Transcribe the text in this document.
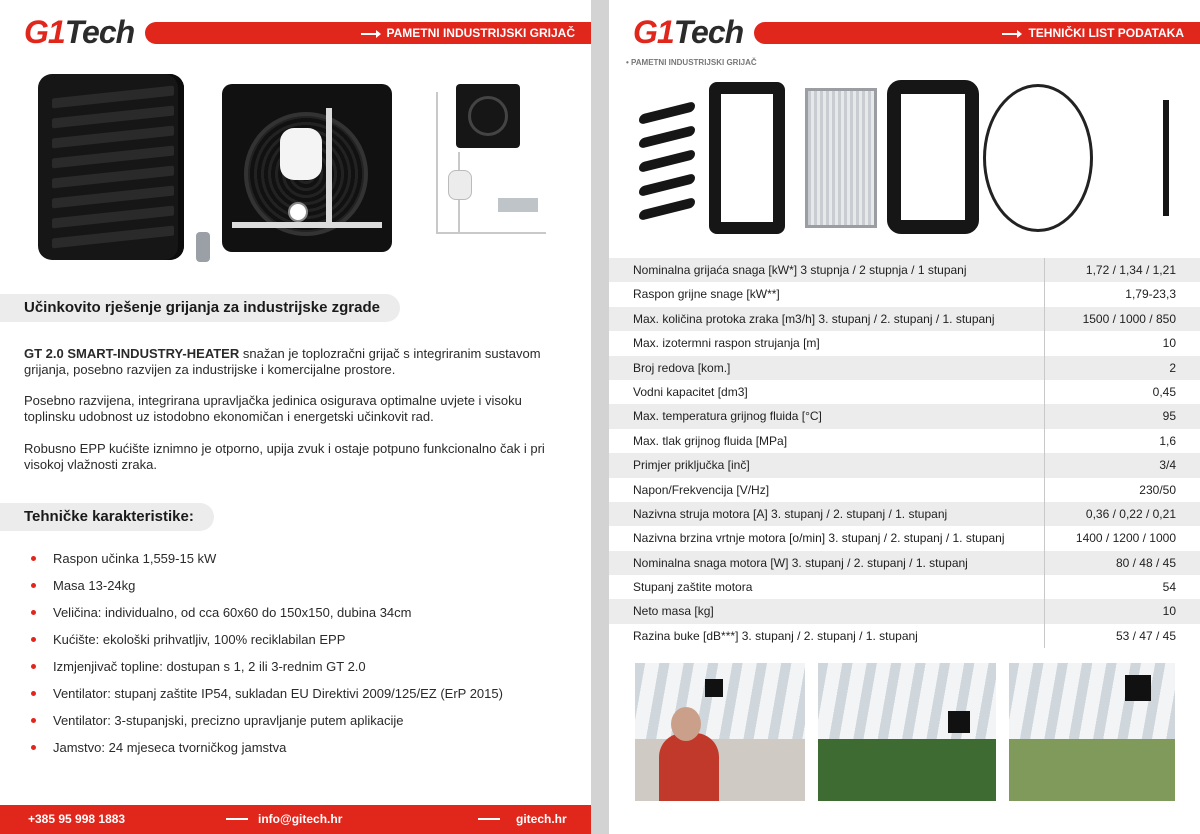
G1Tech	PAMETNI INDUSTRIJSKI GRIJAČ
Učinkovito rješenje grijanja za industrijske zgrade
GT 2.0 SMART-INDUSTRY-HEATER snažan je toplozračni grijač s integriranim sustavom grijanja, posebno razvijen za industrijske i komercijalne prostore.
Posebno razvijena, integrirana upravljačka jedinica osigurava optimalne uvjete i visoku toplinsku udobnost uz istodobno ekonomičan i energetski učinkovit rad.
Robusno EPP kućište iznimno je otporno, upija zvuk i ostaje potpuno funkcionalno čak i pri visokoj vlažnosti zraka.
Tehničke karakteristike:
Raspon učinka 1,559-15 kW
Masa 13-24kg
Veličina: individualno, od cca 60x60 do 150x150, dubina 34cm
Kućište: ekološki prihvatljiv, 100% reciklabilan EPP
Izmjenjivač topline: dostupan s 1, 2 ili 3-rednim GT 2.0
Ventilator: stupanj zaštite IP54, sukladan EU Direktivi 2009/125/EZ (ErP 2015)
Ventilator: 3-stupanjski, precizno upravljanje putem aplikacije
Jamstvo: 24 mjeseca tvorničkog jamstva
+385 95 998 1883	info@gitech.hr	gitech.hr
G1Tech	TEHNIČKI LIST PODATAKA
• PAMETNI INDUSTRIJSKI GRIJAČ
Nominalna grijaća snaga [kW*] 3 stupnja / 2 stupnja / 1 stupanj	1,72 / 1,34 / 1,21
Raspon grijne snage [kW**]	1,79-23,3
Max. količina protoka zraka [m3/h] 3. stupanj / 2. stupanj / 1. stupanj	1500 / 1000 / 850
Max. izotermni raspon strujanja [m]	10
Broj redova [kom.]	2
Vodni kapacitet [dm3]	0,45
Max. temperatura grijnog fluida [°C]	95
Max. tlak grijnog fluida [MPa]	1,6
Primjer priključka [inč]	3/4
Napon/Frekvencija [V/Hz]	230/50
Nazivna struja motora [A] 3. stupanj / 2. stupanj / 1. stupanj	0,36 / 0,22 / 0,21
Nazivna brzina vrtnje motora [o/min] 3. stupanj / 2. stupanj / 1. stupanj	1400 / 1200 / 1000
Nominalna snaga motora [W] 3. stupanj / 2. stupanj / 1. stupanj	80 / 48 / 45
Stupanj zaštite motora	54
Neto masa [kg]	10
Razina buke [dB***] 3. stupanj / 2. stupanj / 1. stupanj	53 / 47 / 45
